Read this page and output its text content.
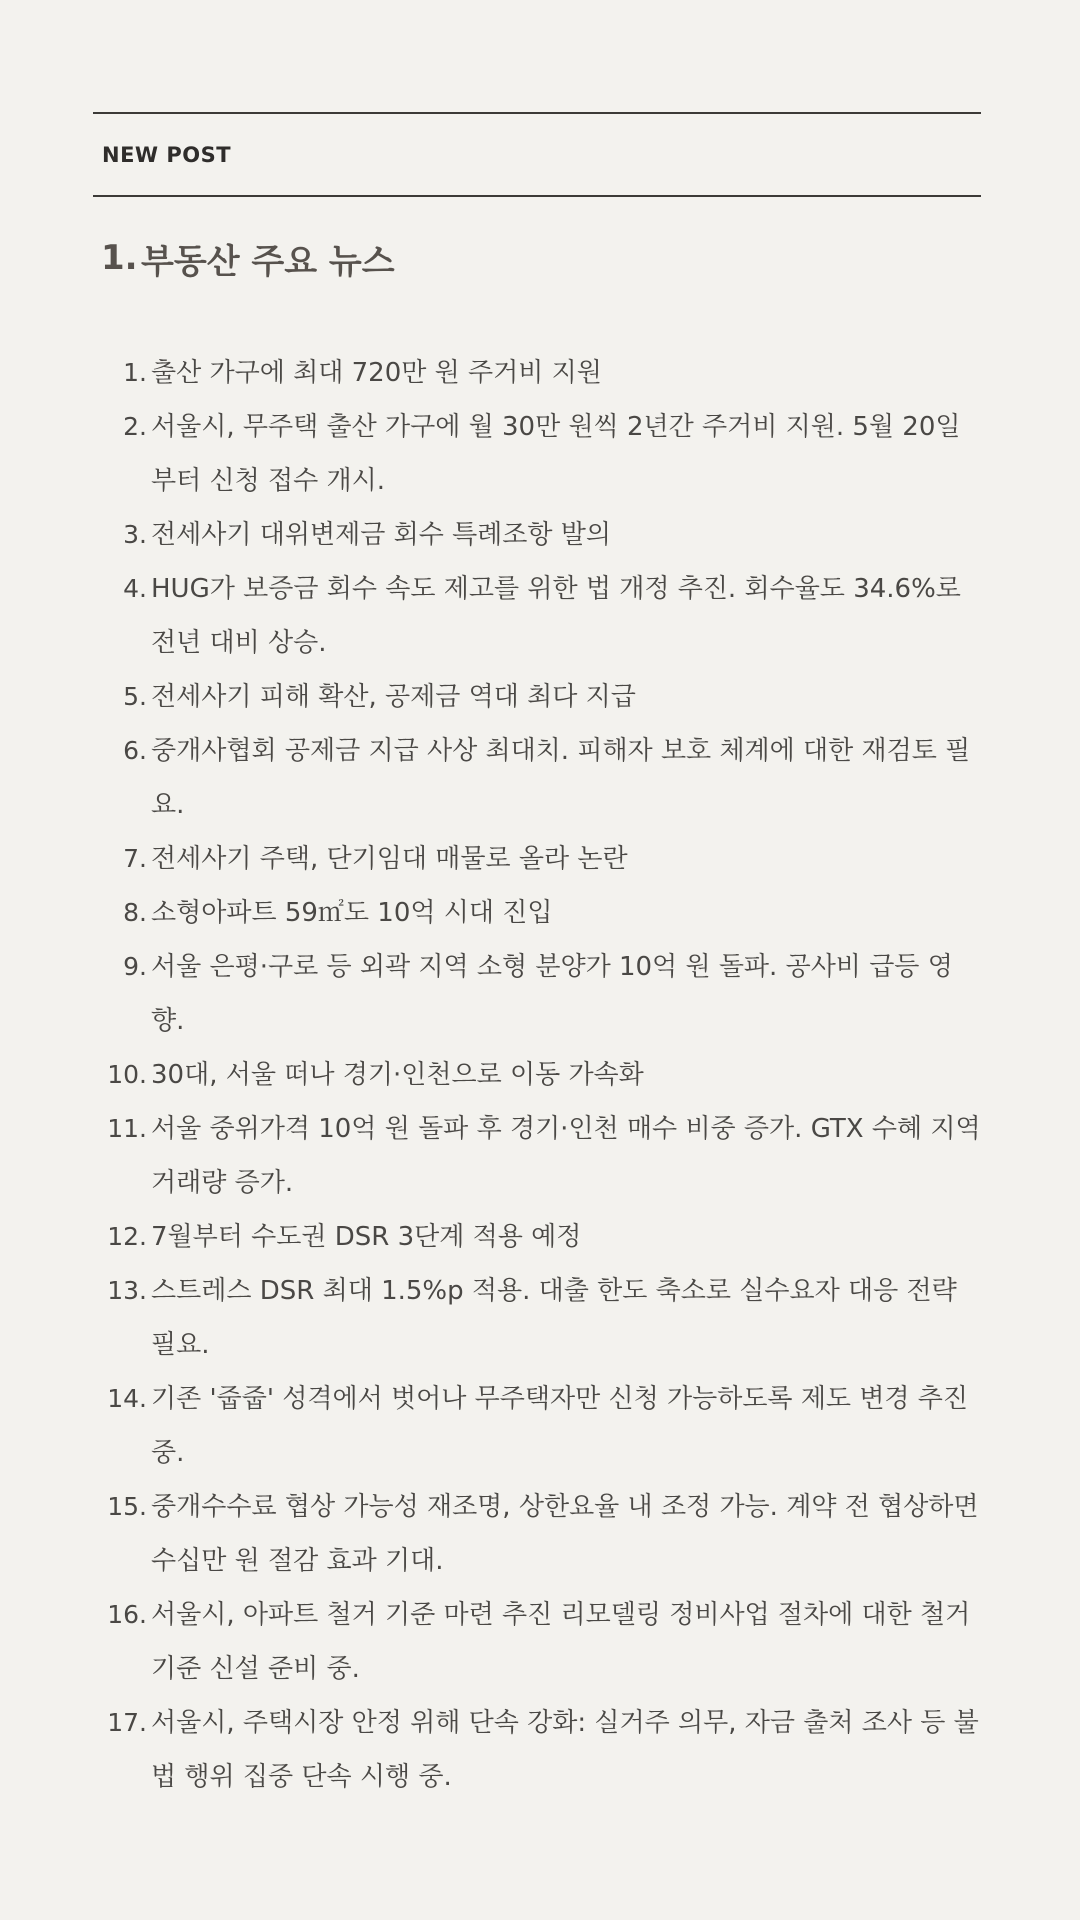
NEW POST
1. 부동산 주요 뉴스
1. 출산 가구에 최대 720만 원 주거비 지원
2. 서울시, 무주택 출산 가구에 월 30만 원씩 2년간 주거비 지원. 5월 20일부터 신청 접수 개시.
3. 전세사기 대위변제금 회수 특례조항 발의
4. HUG가 보증금 회수 속도 제고를 위한 법 개정 추진. 회수율도 34.6%로 전년 대비 상승.
5. 전세사기 피해 확산, 공제금 역대 최다 지급
6. 중개사협회 공제금 지급 사상 최대치. 피해자 보호 체계에 대한 재검토 필요.
7. 전세사기 주택, 단기임대 매물로 올라 논란
8. 소형아파트 59㎡도 10억 시대 진입
9. 서울 은평·구로 등 외곽 지역 소형 분양가 10억 원 돌파. 공사비 급등 영향.
10. 30대, 서울 떠나 경기·인천으로 이동 가속화
11. 서울 중위가격 10억 원 돌파 후 경기·인천 매수 비중 증가. GTX 수혜 지역 거래량 증가.
12. 7월부터 수도권 DSR 3단계 적용 예정
13. 스트레스 DSR 최대 1.5%p 적용. 대출 한도 축소로 실수요자 대응 전략 필요.
14. 기존 '줍줍' 성격에서 벗어나 무주택자만 신청 가능하도록 제도 변경 추진 중.
15. 중개수수료 협상 가능성 재조명, 상한요율 내 조정 가능. 계약 전 협상하면 수십만 원 절감 효과 기대.
16. 서울시, 아파트 철거 기준 마련 추진 리모델링 정비사업 절차에 대한 철거기준 신설 준비 중.
17. 서울시, 주택시장 안정 위해 단속 강화: 실거주 의무, 자금 출처 조사 등 불법 행위 집중 단속 시행 중.
